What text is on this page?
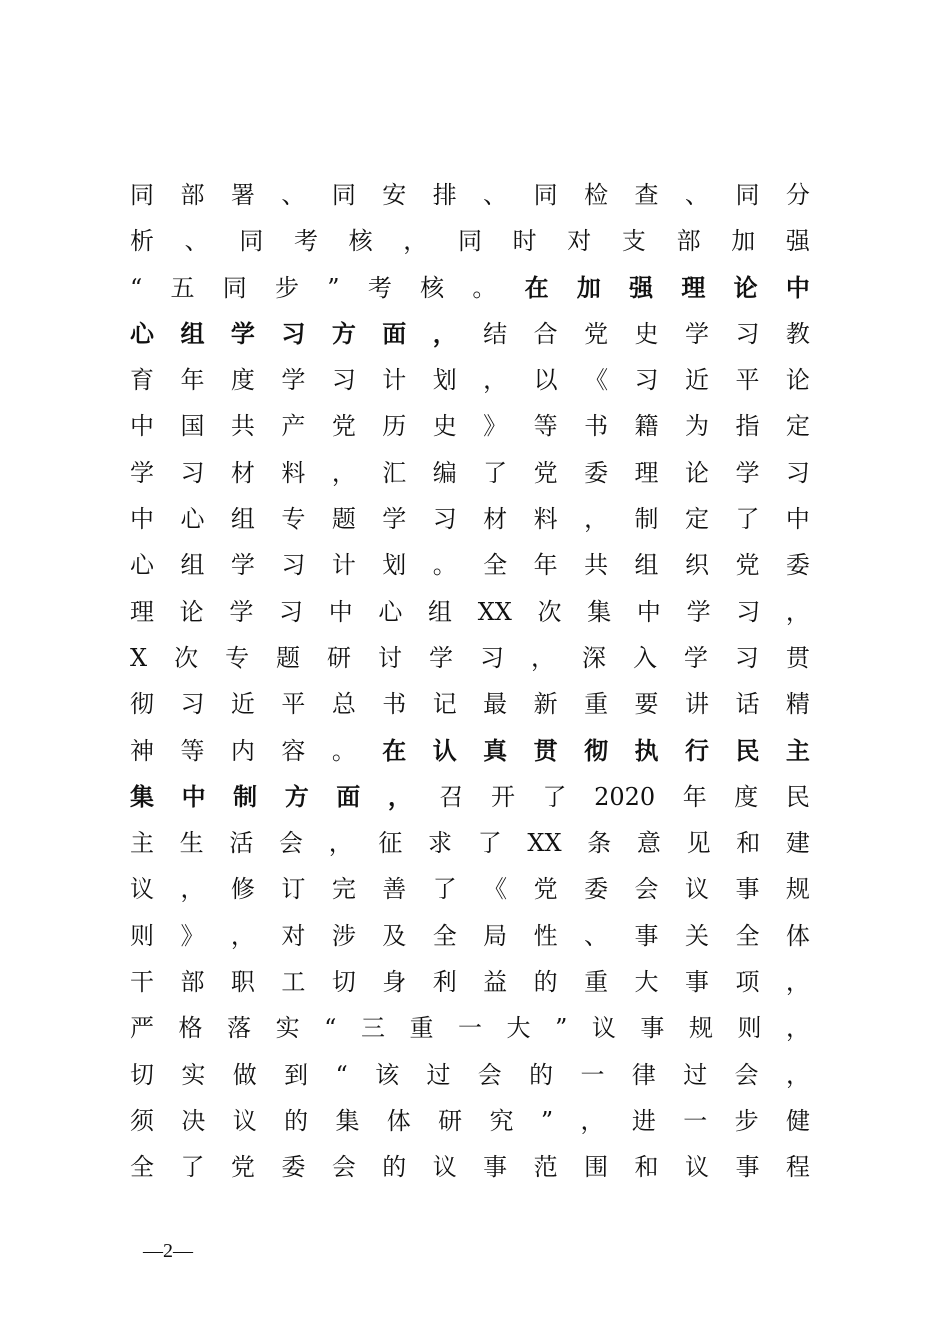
同 部 署 、 同 安 排 、 同 检 查 、 同 分
析 、 同 考 核 ， 同 时 对 支 部 加 强
“ 五 同 步 ” 考 核 。 在 加 强 理 论 中
心 组 学 习 方 面 ， 结 合 党 史 学 习 教
育 年 度 学 习 计 划 ， 以 《 习 近 平 论
中 国 共 产 党 历 史 》 等 书 籍 为 指 定
学 习 材 料 ， 汇 编 了 党 委 理 论 学 习
中 心 组 专 题 学 习 材 料 ， 制 定 了 中
心 组 学 习 计 划 。 全 年 共 组 织 党 委
理 论 学 习 中 心 组 XX 次 集 中 学 习 ，
X 次 专 题 研 讨 学 习 ， 深 入 学 习 贯
彻 习 近 平 总 书 记 最 新 重 要 讲 话 精
神 等 内 容 。 在 认 真 贯 彻 执 行 民 主
集 中 制 方 面 ， 召 开 了 2020 年 度 民
主 生 活 会 ， 征 求 了 XX 条 意 见 和 建
议 ， 修 订 完 善 了 《 党 委 会 议 事 规
则 》 ， 对 涉 及 全 局 性 、 事 关 全 体
干 部 职 工 切 身 利 益 的 重 大 事 项 ，
严 格 落 实 “ 三 重 一 大 ” 议 事 规 则 ，
切 实 做 到 “ 该 过 会 的 一 律 过 会 ，
须 决 议 的 集 体 研 究 ” ， 进 一 步 健
全 了 党 委 会 的 议 事 范 围 和 议 事 程
—2—
